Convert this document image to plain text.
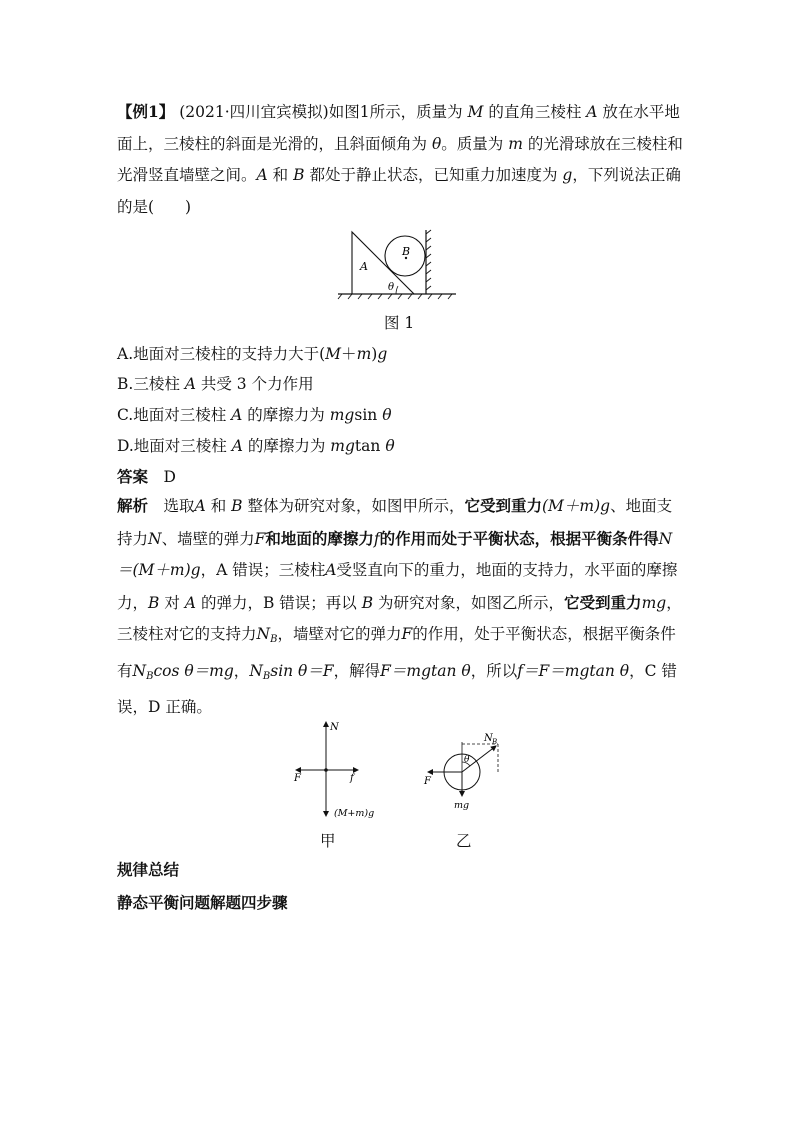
【例1】 (2021·四川宜宾模拟)如图1所示，质量为 M 的直角三棱柱 A 放在水平地面上，三棱柱的斜面是光滑的，且斜面倾角为 θ。质量为 m 的光滑球放在三棱柱和光滑竖直墙壁之间。A 和 B 都处于静止状态，已知重力加速度为 g，下列说法正确的是(　　)

A
B
θ
图 1

A.地面对三棱柱的支持力大于(M＋m)g

B.三棱柱 A 共受 3 个力作用

C.地面对三棱柱 A 的摩擦力为 mgsin θ

D.地面对三棱柱 A 的摩擦力为 mgtan θ

答案　 D

解析　 选取A 和 B 整体为研究对象，如图甲所示，它受到重力(M＋m)g、地面支持力N、墙壁的弹力F和地面的摩擦力f的作用而处于平衡状态，根据平衡条件得N＝(M＋m)g，A 错误；三棱柱A受竖直向下的重力，地面的支持力，水平面的摩擦力，B 对 A 的弹力，B 错误；再以 B 为研究对象，如图乙所示，它受到重力mg，三棱柱对它的支持力$N_B$，墙壁对它的弹力F的作用，处于平衡状态，根据平衡条件有$N_B\cos$ θ＝mg，$N_B\sin$ θ＝F，解得F＝mgtan θ，所以f＝F＝mgtan θ，C 错误，D 正确。

N
F	f
(M+m)g
甲
θ
N B
F
mg
乙

规律总结

静态平衡问题解题四步骤
